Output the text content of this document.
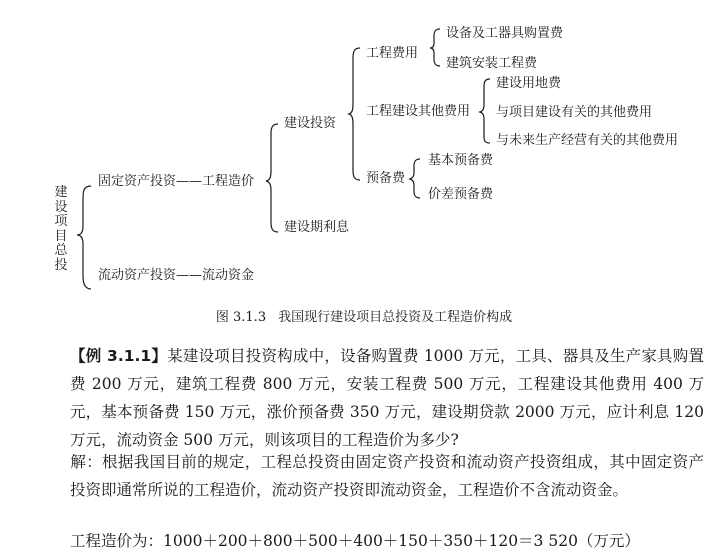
建
设
项
目
总
投
固定资产投资——工程造价
流动资产投资——流动资金
建设投资
建设期利息
工程费用
设备及工器具购置费
建筑安装工程费
工程建设其他费用
建设用地费
与项目建设有关的其他费用
与未来生产经营有关的其他费用
预备费
基本预备费
价差预备费
图 3.1.3 我国现行建设项目总投资及工程造价构成
【例 3.1.1】某建设项目投资构成中，设备购置费 1000 万元，工具、器具及生产家具购置费 200 万元，建筑工程费 800 万元，安装工程费 500 万元，工程建设其他费用 400 万元，基本预备费 150 万元，涨价预备费 350 万元，建设期贷款 2000 万元，应计利息 120 万元，流动资金 500 万元，则该项目的工程造价为多少?
解：根据我国目前的规定，工程总投资由固定资产投资和流动资产投资组成，其中固定资产投资即通常所说的工程造价，流动资产投资即流动资金，工程造价不含流动资金。
工程造价为：1000＋200＋800＋500＋400＋150＋350＋120＝3 520（万元）
